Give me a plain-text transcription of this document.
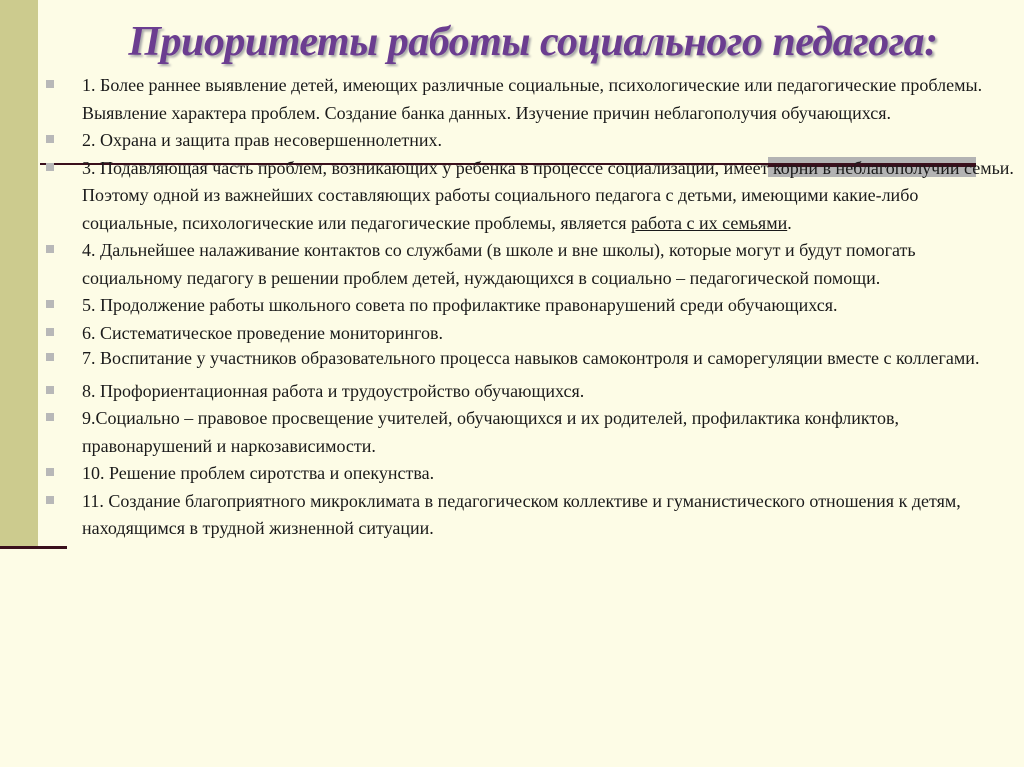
Приоритеты работы социального педагога:
1. Более раннее выявление детей, имеющих различные социальные, психологические или педагогические проблемы. Выявление характера проблем. Создание банка данных. Изучение причин неблагополучия обучающихся.
2. Охрана и защита прав несовершеннолетних.
3. Подавляющая часть проблем, возникающих у ребенка в процессе социализации, имеет корни в неблагополучии семьи. Поэтому одной из важнейших составляющих работы социального педагога с детьми, имеющими какие-либо социальные, психологические или педагогические проблемы, является работа с их семьями.
4. Дальнейшее налаживание контактов со службами (в школе и вне школы), которые могут и будут помогать социальному педагогу в решении проблем детей, нуждающихся в социально – педагогической помощи.
5. Продолжение работы школьного совета по профилактике правонарушений среди обучающихся.
6. Систематическое проведение мониторингов.
7. Воспитание у участников образовательного процесса навыков самоконтроля и саморегуляции вместе с коллегами.
8. Профориентационная работа и трудоустройство обучающихся.
9.Социально – правовое просвещение учителей, обучающихся и их родителей, профилактика конфликтов, правонарушений и наркозависимости.
10. Решение проблем сиротства и опекунства.
11. Создание благоприятного микроклимата в педагогическом коллективе и гуманистического отношения к детям, находящимся в трудной жизненной ситуации.
